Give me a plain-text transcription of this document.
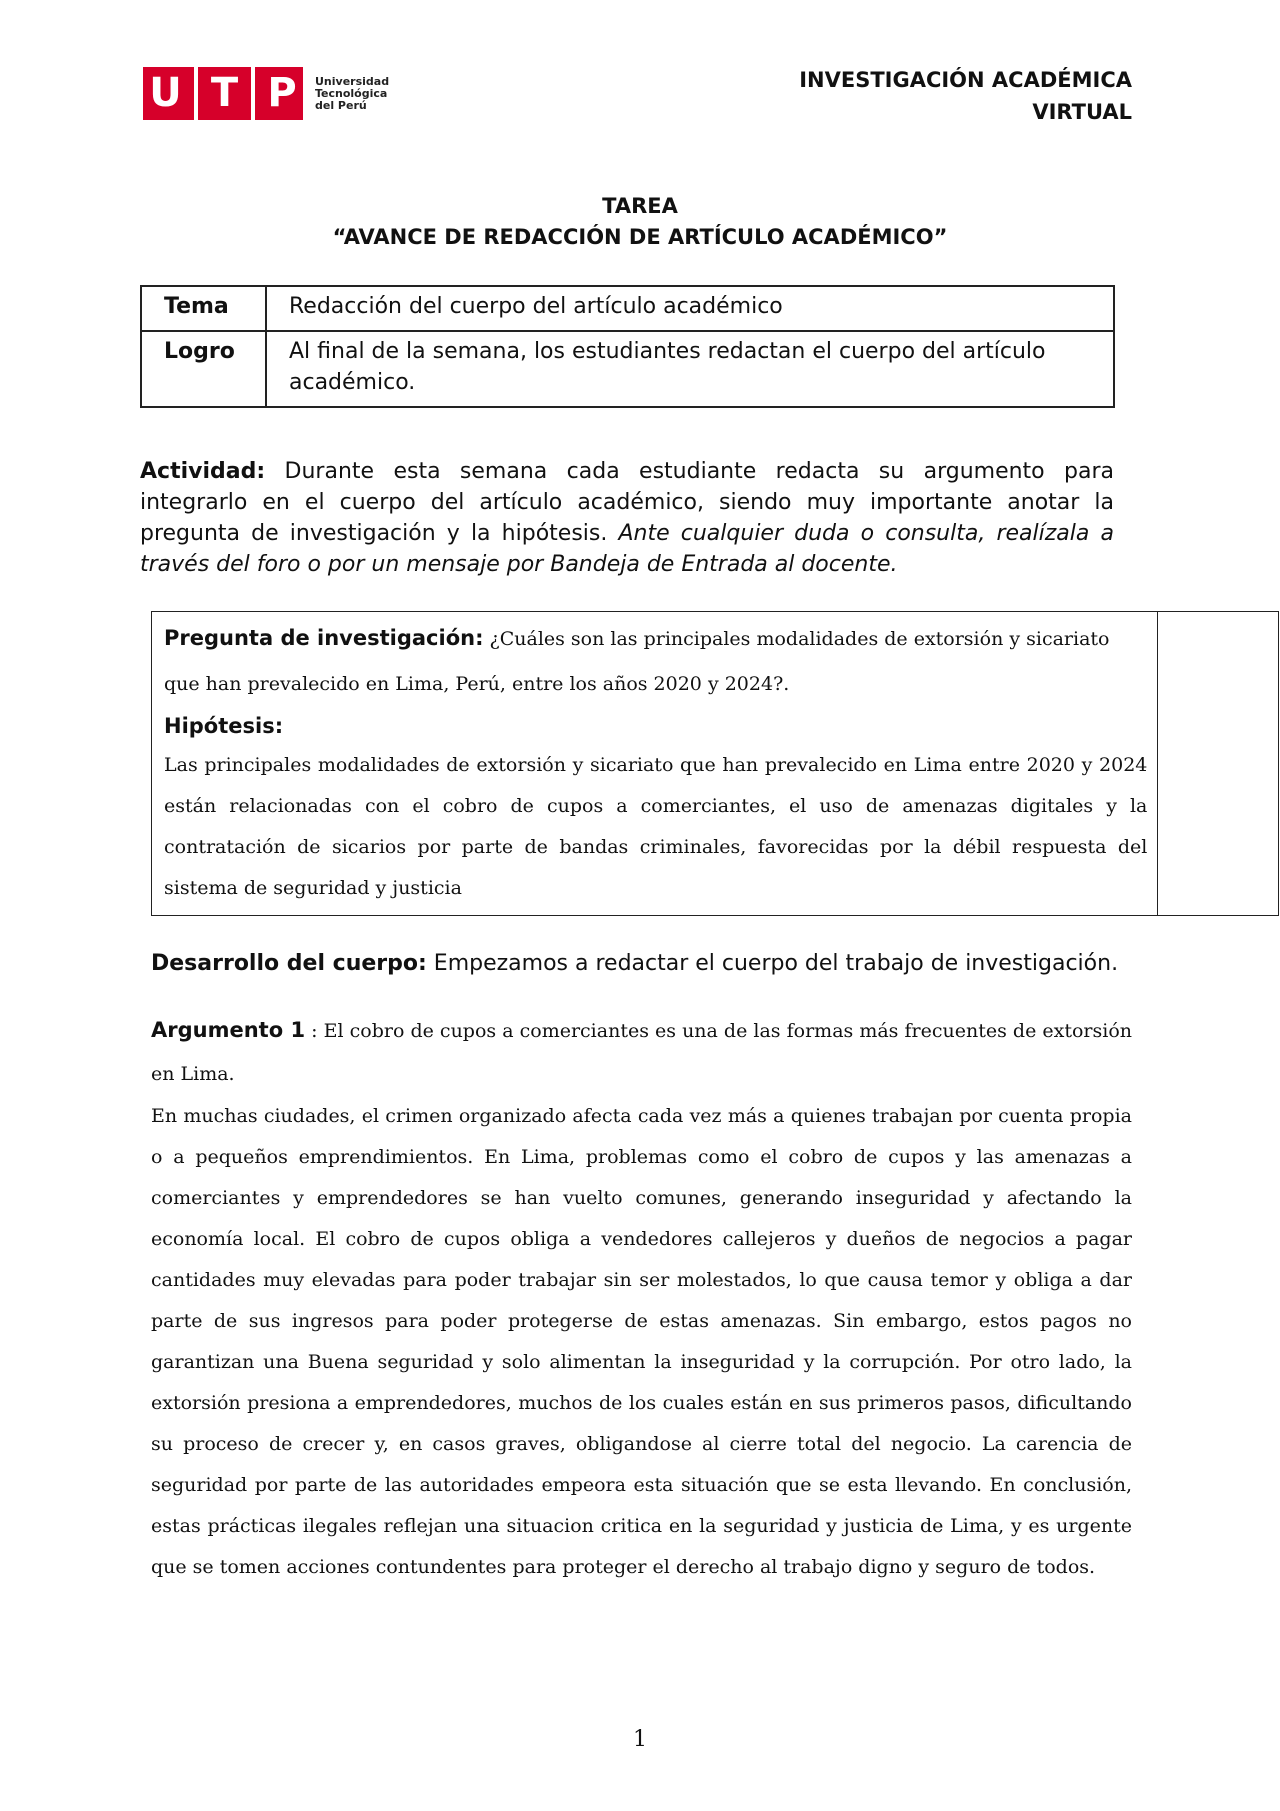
U T P Universidad
Tecnológica
del Perú
INVESTIGACIÓN ACADÉMICA
VIRTUAL
TAREA
“AVANCE DE REDACCIÓN DE ARTÍCULO ACADÉMICO”
Tema	Redacción del cuerpo del artículo académico
Logro	Al final de la semana, los estudiantes redactan el cuerpo del artículo académico.
Actividad: Durante esta semana cada estudiante redacta su argumento para integrarlo en el cuerpo del artículo académico, siendo muy importante anotar la pregunta de investigación y la hipótesis. Ante cualquier duda o consulta, realízala a través del foro o por un mensaje por Bandeja de Entrada al docente.
Pregunta de investigación: ¿Cuáles son las principales modalidades de extorsión y sicariato que han prevalecido en Lima, Perú, entre los años 2020 y 2024?.
Hipótesis:
Las principales modalidades de extorsión y sicariato que han prevalecido en Lima entre 2020 y 2024 están relacionadas con el cobro de cupos a comerciantes, el uso de amenazas digitales y la contratación de sicarios por parte de bandas criminales, favorecidas por la débil respuesta del sistema de seguridad y justicia

Desarrollo del cuerpo: Empezamos a redactar el cuerpo del trabajo de investigación.
Argumento 1 : El cobro de cupos a comerciantes es una de las formas más frecuentes de extorsión en Lima.
En muchas ciudades, el crimen organizado afecta cada vez más a quienes trabajan por cuenta propia o a pequeños emprendimientos. En Lima, problemas como el cobro de cupos y las amenazas a comerciantes y emprendedores se han vuelto comunes, generando inseguridad y afectando la economía local. El cobro de cupos obliga a vendedores callejeros y dueños de negocios a pagar cantidades muy elevadas para poder trabajar sin ser molestados, lo que causa temor y obliga a dar parte de sus ingresos para poder protegerse de estas amenazas. Sin embargo, estos pagos no garantizan una Buena seguridad y solo alimentan la inseguridad y la corrupción. Por otro lado, la extorsión presiona a emprendedores, muchos de los cuales están en sus primeros pasos, dificultando su proceso de crecer y, en casos graves, obligandose al cierre total del negocio. La carencia de seguridad por parte de las autoridades empeora esta situación que se esta llevando. En conclusión, estas prácticas ilegales reflejan una situacion critica en la seguridad y justicia de Lima, y es urgente que se tomen acciones contundentes para proteger el derecho al trabajo digno y seguro de todos.
1
